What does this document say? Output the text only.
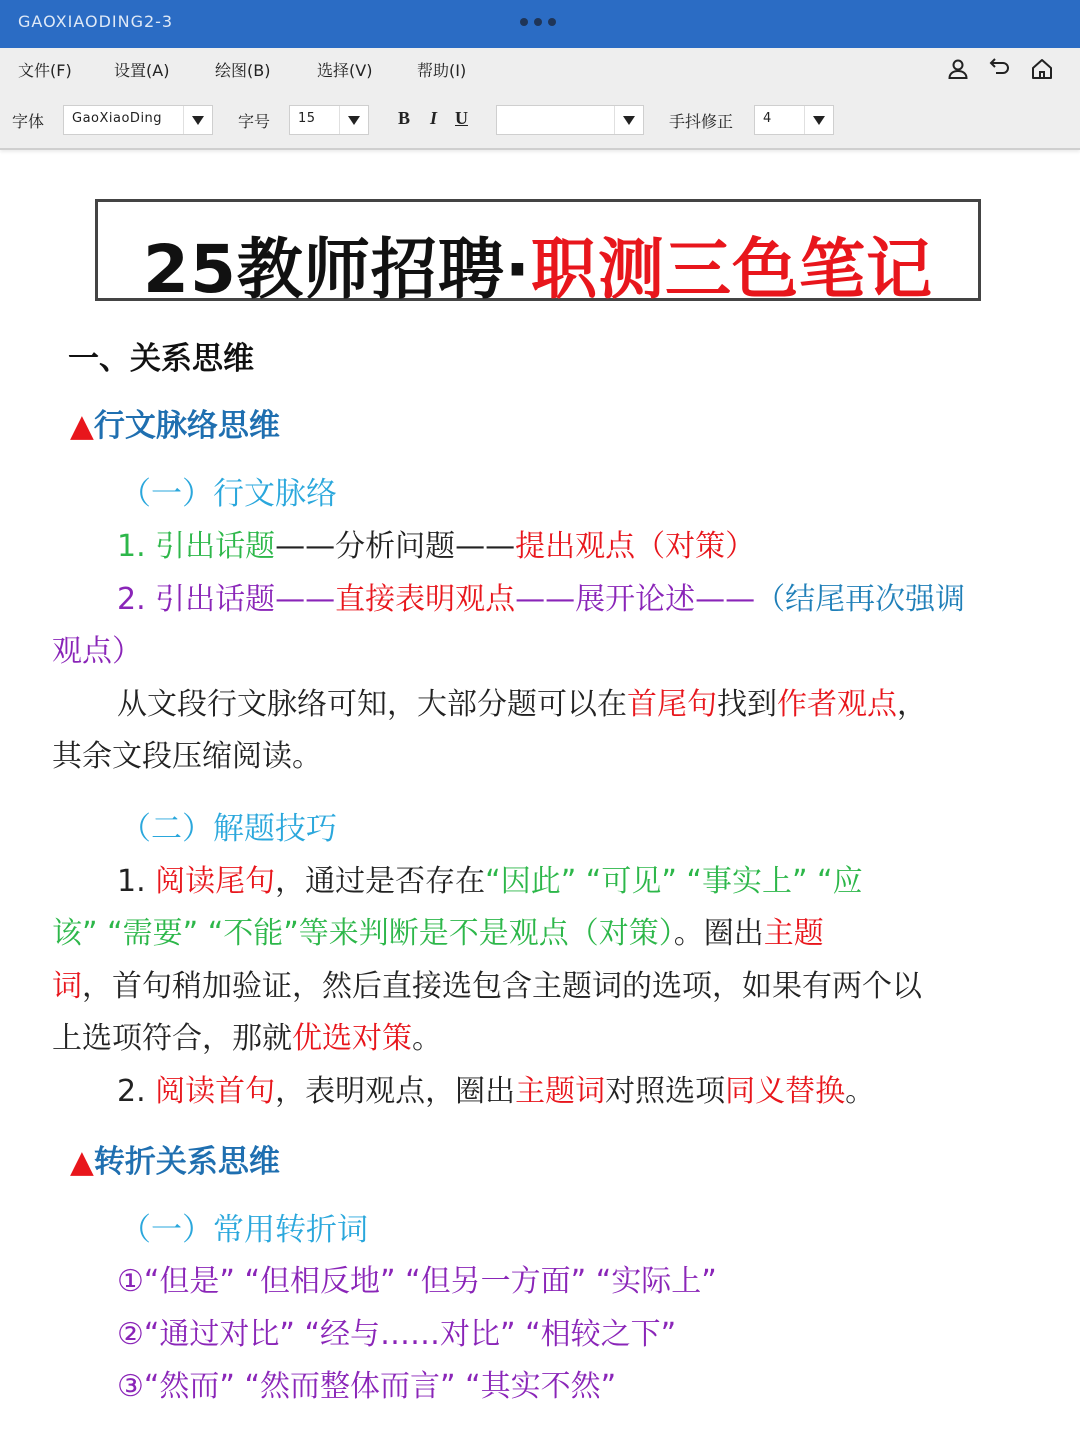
GAOXIAODING2-3
文件(F)	设置(A)	绘图(B)	选择(V)	帮助(I)
字体 GaoXiaoDing	字号 15	B I U	手抖修正 4
25教师招聘·职测三色笔记
一、关系思维
▲行文脉络思维
（一）行文脉络
1. 引出话题——分析问题——提出观点（对策）
2. 引出话题——直接表明观点——展开论述——（结尾再次强调
观点）
从文段行文脉络可知，大部分题可以在首尾句找到作者观点，
其余文段压缩阅读。
（二）解题技巧
1. 阅读尾句，通过是否存在“因此” “可见” “事实上” “应
该” “需要” “不能”等来判断是不是观点（对策）。圈出主题
词，首句稍加验证，然后直接选包含主题词的选项，如果有两个以
上选项符合，那就优选对策。
2. 阅读首句，表明观点，圈出主题词对照选项同义替换。
▲转折关系思维
（一）常用转折词
①“但是” “但相反地” “但另一方面” “实际上”
②“通过对比” “经与……对比” “相较之下”
③“然而” “然而整体而言” “其实不然”
